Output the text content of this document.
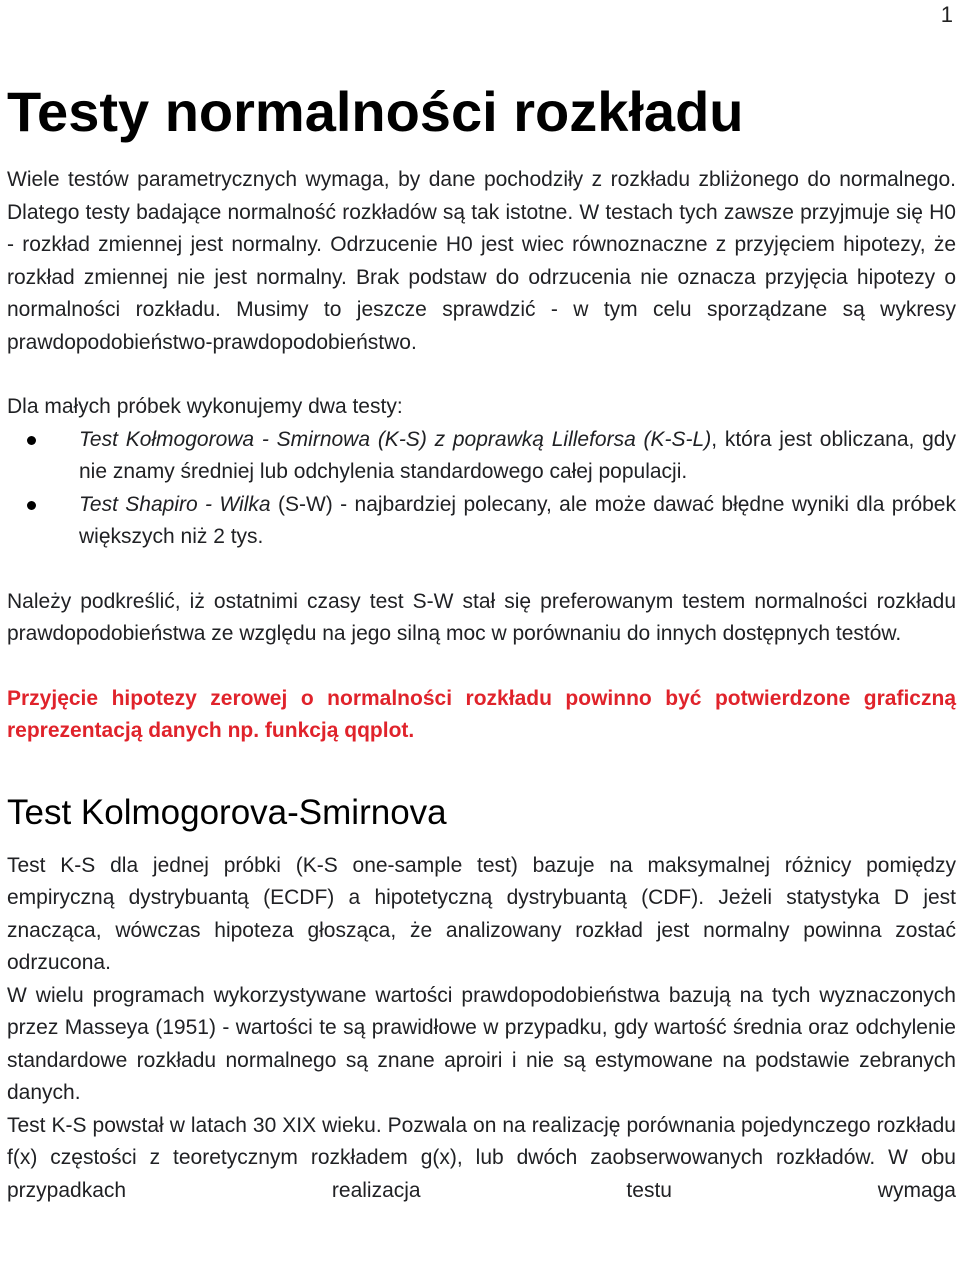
1
Testy normalności rozkładu

Wiele testów parametrycznych wymaga, by dane pochodziły z rozkładu zbliżonego do normalnego. Dlatego testy badające normalność rozkładów są tak istotne. W testach tych zawsze przyjmuje się H0 - rozkład zmiennej jest normalny. Odrzucenie H0 jest wiec równoznaczne z przyjęciem hipotezy, że rozkład zmiennej nie jest normalny. Brak podstaw do odrzucenia nie oznacza przyjęcia hipotezy o normalności rozkładu. Musimy to jeszcze sprawdzić - w tym celu sporządzane są wykresy prawdopodobieństwo-prawdopodobieństwo.

Dla małych próbek wykonujemy dwa testy:

Test Kołmogorowa - Smirnowa (K-S) z poprawką Lilleforsa (K-S-L), która jest obliczana, gdy nie znamy średniej lub odchylenia standardowego całej populacji.
Test Shapiro - Wilka (S-W) - najbardziej polecany, ale może dawać błędne wyniki dla próbek większych niż 2 tys.

Należy podkreślić, iż ostatnimi czasy test S-W stał się preferowanym testem normalności rozkładu prawdopodobieństwa ze względu na jego silną moc w porównaniu do innych dostępnych testów.

Przyjęcie hipotezy zerowej o normalności rozkładu powinno być potwierdzone graficzną reprezentacją danych np. funkcją qqplot.

Test Kolmogorova-Smirnova

Test K-S dla jednej próbki (K-S one-sample test) bazuje na maksymalnej różnicy pomiędzy empiryczną dystrybuantą (ECDF) a hipotetyczną dystrybuantą (CDF). Jeżeli statystyka D jest znacząca, wówczas hipoteza głosząca, że analizowany rozkład jest normalny powinna zostać odrzucona.

W wielu programach wykorzystywane wartości prawdopodobieństwa bazują na tych wyznaczonych przez Masseya (1951) - wartości te są prawidłowe w przypadku, gdy wartość średnia oraz odchylenie standardowe rozkładu normalnego są znane aproiri i nie są estymowane na podstawie zebranych danych.

Test K-S powstał w latach 30 XIX wieku. Pozwala on na realizację porównania pojedynczego rozkładu f(x) częstości z teoretycznym rozkładem g(x), lub dwóch zaobserwowanych rozkładów. W obu przypadkach realizacja testu wymaga
